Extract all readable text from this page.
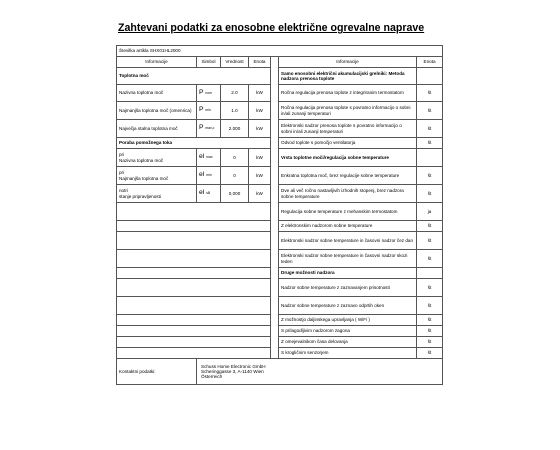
Zahtevani podatki za enosobne električne ogrevalne naprave
Številka artikla SHX01HL2000						
Informacije	Simbol	Vrednost	Enota		Informacije	Enota
Toplotna moč					Samo enosobni električni akumulacijski grelniki: Metoda nadzora prenosa toplote	
Nazivna toplotna moč	P nom	2.0	kW		Ročna regulacija prenosa toplote z integriranim termostatom	št
Najmanjša toplotna moč (omenrica)	P min	1.0	kW		Ročna regulacija prenosa toplote s povratno informacijo o sobni in/ali zunanji temperaturi	št
Največja stalna toplotna moč	P max,c	2.000	kW		Elektronski nadzor prenosa toplote s povratno informacijo o sobni in/ali zunanji temperaturi	št
Poraba pomožnega toka					Odvod toplote s pomočjo ventilatorja	št
pri
Nazivna toplotna moč	el max	0	kW		Vrsta toplotne moči/regulacija sobne temperature	
pri
Najmanjša toplotna moč	el min	0	kW		Enkratna toplotna moč, brez regulacije sobne temperature	št
notri
stanje pripravljenosti	el sB	0,000	kW		Dve ali več ročno nastavljivih izhodnih stopenj, brez nadzora sobne temperature	št
					Regulacija sobne temperature z mehanskim termostatom	ja
					Z elektronskim nadzorom sobne temperature	št
					Elektronski nadzor sobne temperature in časovni nadzor čez dan	št
					Elektronski nadzor sobne temperature in časovni nadzor skozi teden	št
					Druge možnosti nadzora	
					Nadzor sobne temperature z zaznavanjem prisotnosti	št
					Nadzor sobne temperature z zaznavo odprtih oken	št
					Z možnostjo daljinskega upravljanja ( WiFi )	št
					S prilagodljivim nadzorom zagona	št
					Z omejevalnikom časa delovanja	št
					S krogličnim senzorjem	št
Kontaktni podatki:	Schuss Home Electronic GmbH
Scheringgasse 3, A-1140 Wien
Österreich					
